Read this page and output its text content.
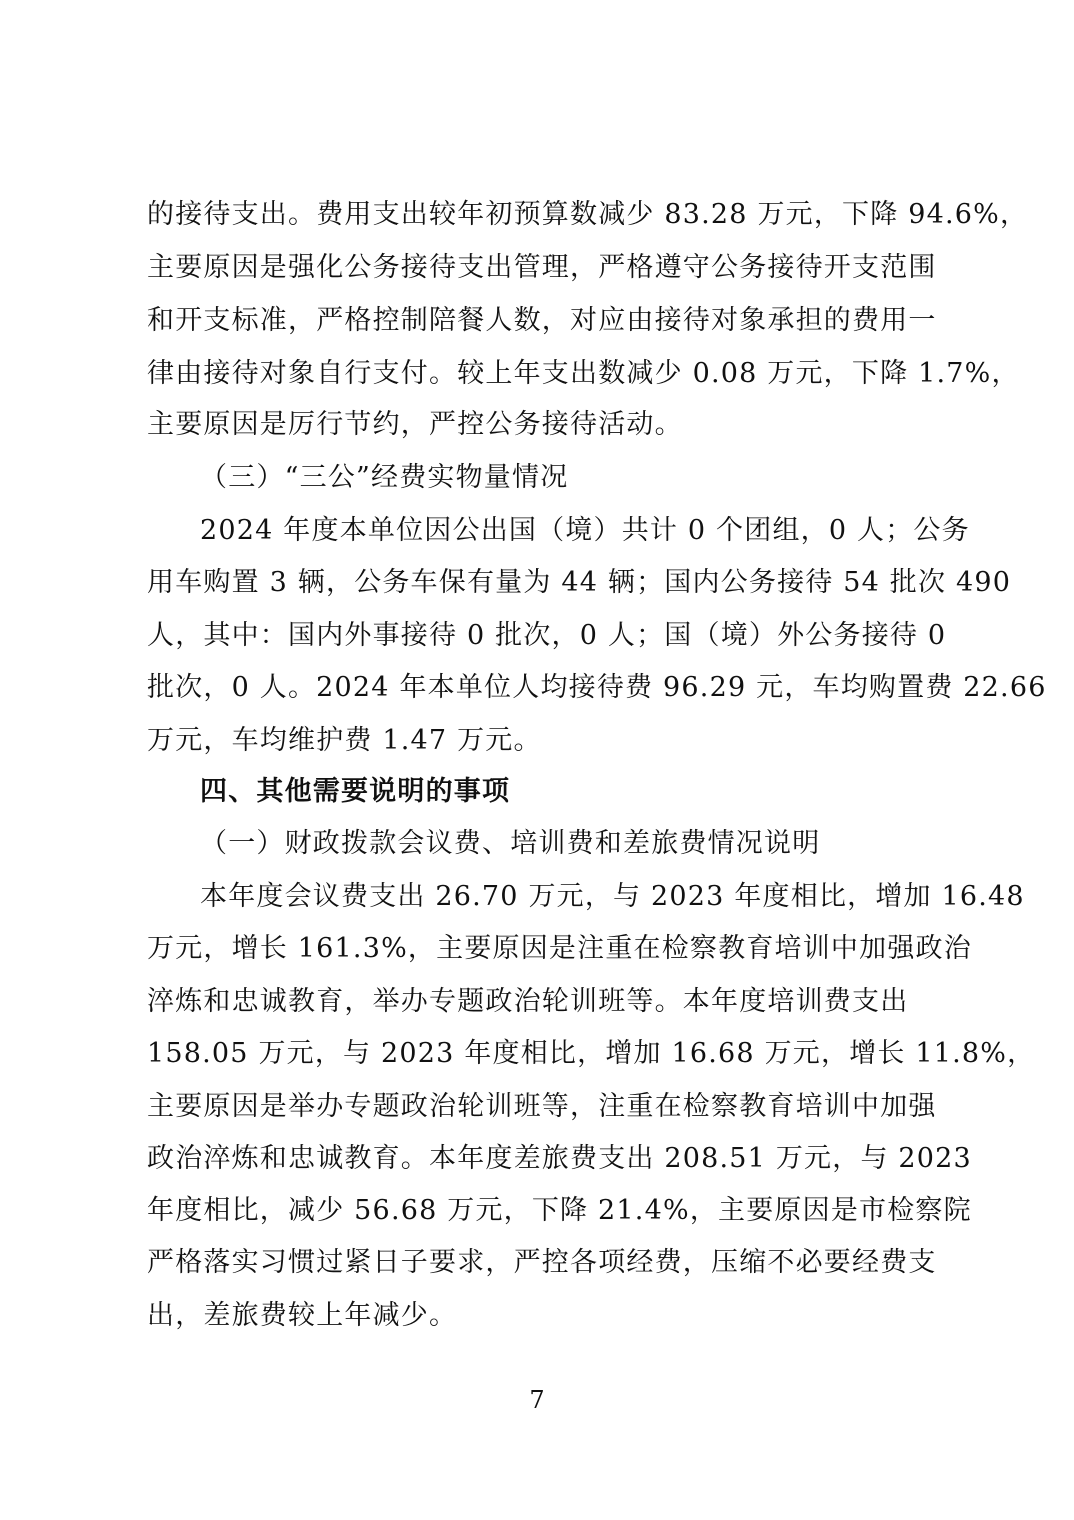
的接待支出。费用支出较年初预算数减少 83.28 万元，下降 94.6%，
主要原因是强化公务接待支出管理，严格遵守公务接待开支范围
和开支标准，严格控制陪餐人数，对应由接待对象承担的费用一
律由接待对象自行支付。较上年支出数减少 0.08 万元，下降 1.7%，
主要原因是厉行节约，严控公务接待活动。
（三）“三公”经费实物量情况
2024 年度本单位因公出国（境）共计 0 个团组，0 人；公务
用车购置 3 辆，公务车保有量为 44 辆；国内公务接待 54 批次 490
人，其中：国内外事接待 0 批次，0 人；国（境）外公务接待 0
批次，0 人。2024 年本单位人均接待费 96.29 元，车均购置费 22.66
万元，车均维护费 1.47 万元。
四、其他需要说明的事项
（一）财政拨款会议费、培训费和差旅费情况说明
本年度会议费支出 26.70 万元，与 2023 年度相比，增加 16.48
万元，增长 161.3%，主要原因是注重在检察教育培训中加强政治
淬炼和忠诚教育，举办专题政治轮训班等。本年度培训费支出
158.05 万元，与 2023 年度相比，增加 16.68 万元，增长 11.8%，
主要原因是举办专题政治轮训班等，注重在检察教育培训中加强
政治淬炼和忠诚教育。本年度差旅费支出 208.51 万元，与 2023
年度相比，减少 56.68 万元，下降 21.4%，主要原因是市检察院
严格落实习惯过紧日子要求，严控各项经费，压缩不必要经费支
出，差旅费较上年减少。
7
